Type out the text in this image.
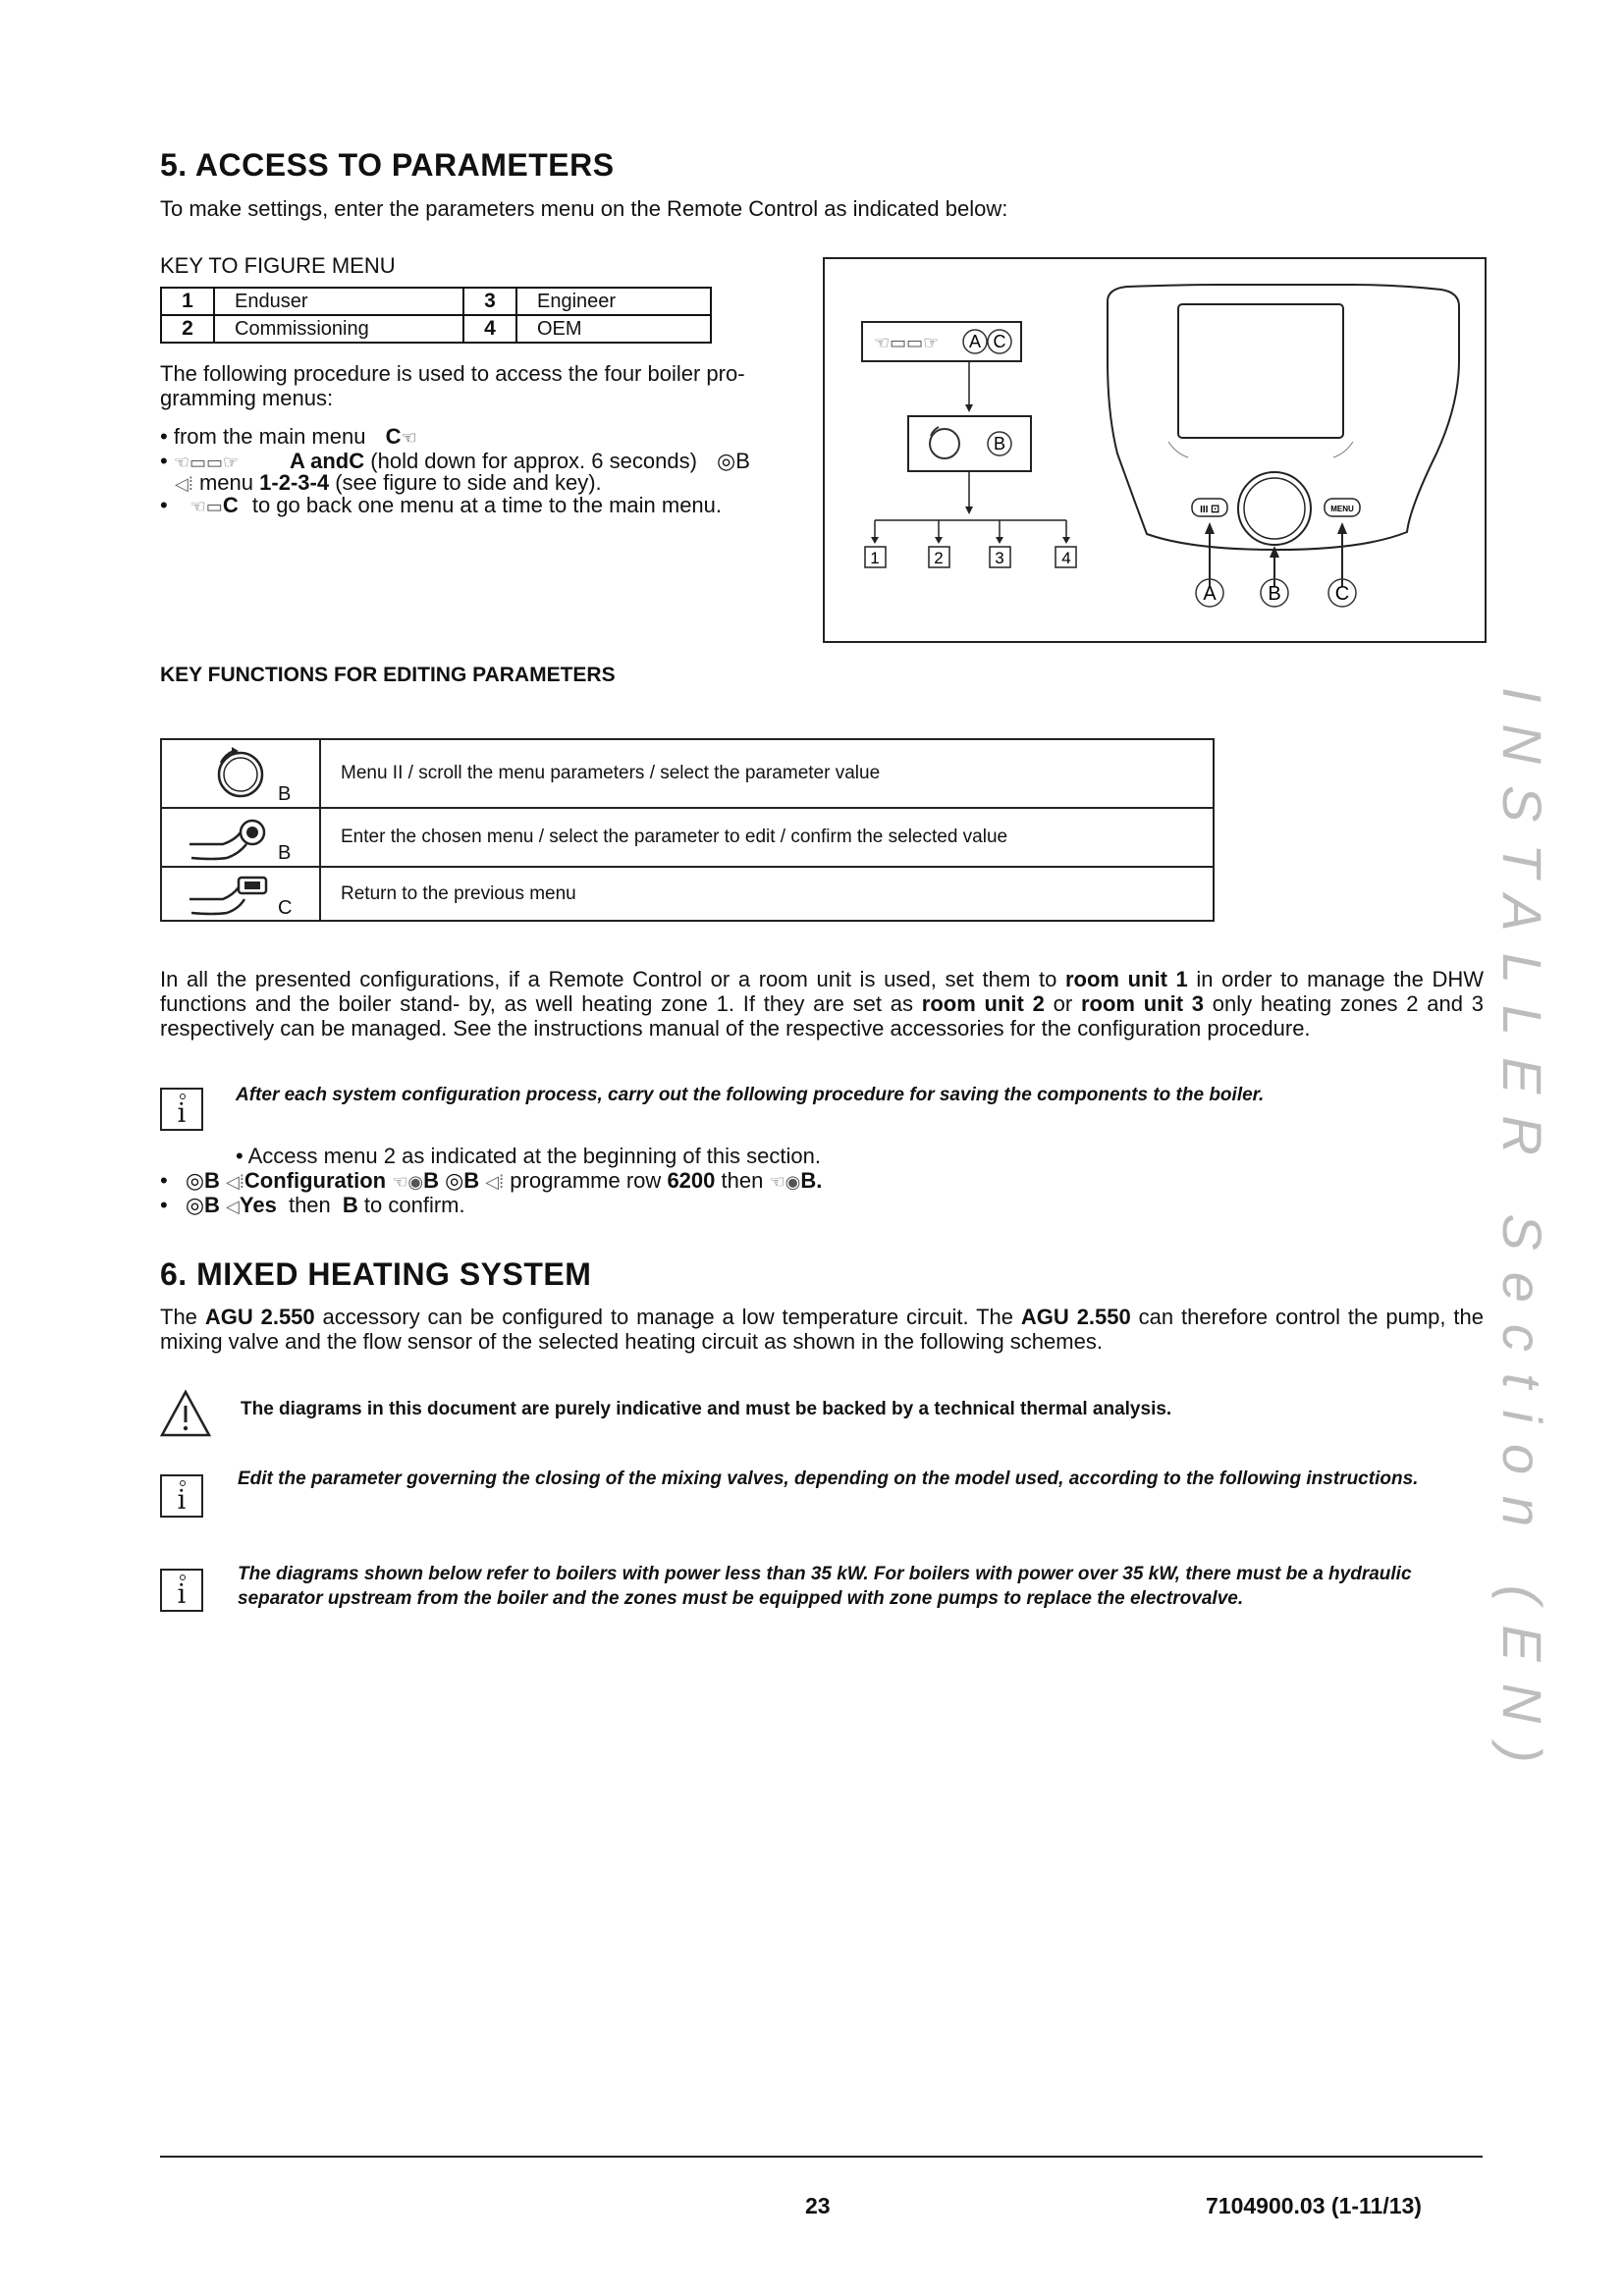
5. ACCESS TO PARAMETERS
To make settings, enter the parameters menu on the Remote Control as indicated below:
KEY TO FIGURE MENU
1	Enduser	3	Engineer
2	Commissioning	4	OEM
The following procedure is used to access the four boiler pro-gramming menus:
• from the main menu C☜
• ☜▭▭☞ A andC (hold down for approx. 6 seconds) ◎B
◁⁞ menu 1-2-3-4 (see figure to side and key).
• ☜▭C to go back one menu at a time to the main menu.
☜▭▭☞ A C
B
1	2	3	4
III ⚀	MENU
A	B	C
KEY FUNCTIONS FOR EDITING PARAMETERS
B	Menu II / scroll the menu parameters / select the parameter value

B	Enter the chosen menu / select the parameter to edit / confirm the selected value

C	Return to the previous menu
In all the presented configurations, if a Remote Control or a room unit is used, set them to room unit 1 in order to manage the DHW functions and the boiler stand- by, as well heating zone 1. If they are set as room unit 2 or room unit 3 only heating zones 2 and 3 respectively can be managed. See the instructions manual of the respective accessories for the configuration procedure.
i
After each system configuration process, carry out the following procedure for saving the components to the boiler.
• Access menu 2 as indicated at the beginning of this section.
• ◎B ◁⁞Configuration ☜◉B ◎B ◁⁞ programme row 6200 then ☜◉B.
• ◎B ◁Yes then B to confirm.
6. MIXED HEATING SYSTEM
The AGU 2.550 accessory can be configured to manage a low temperature circuit. The AGU 2.550 can therefore control the pump, the mixing valve and the flow sensor of the selected heating circuit as shown in the following schemes.
The diagrams in this document are purely indicative and must be backed by a technical thermal analysis.
i
Edit the parameter governing the closing of the mixing valves, depending on the model used, according to the following instructions.
i
The diagrams shown below refer to boilers with power less than 35 kW. For boilers with power over 35 kW, there must be a hydraulic separator upstream from the boiler and the zones must be equipped with zone pumps to replace the electrovalve.	INSTALLER Section (EN)
23	7104900.03 (1-11/13)
